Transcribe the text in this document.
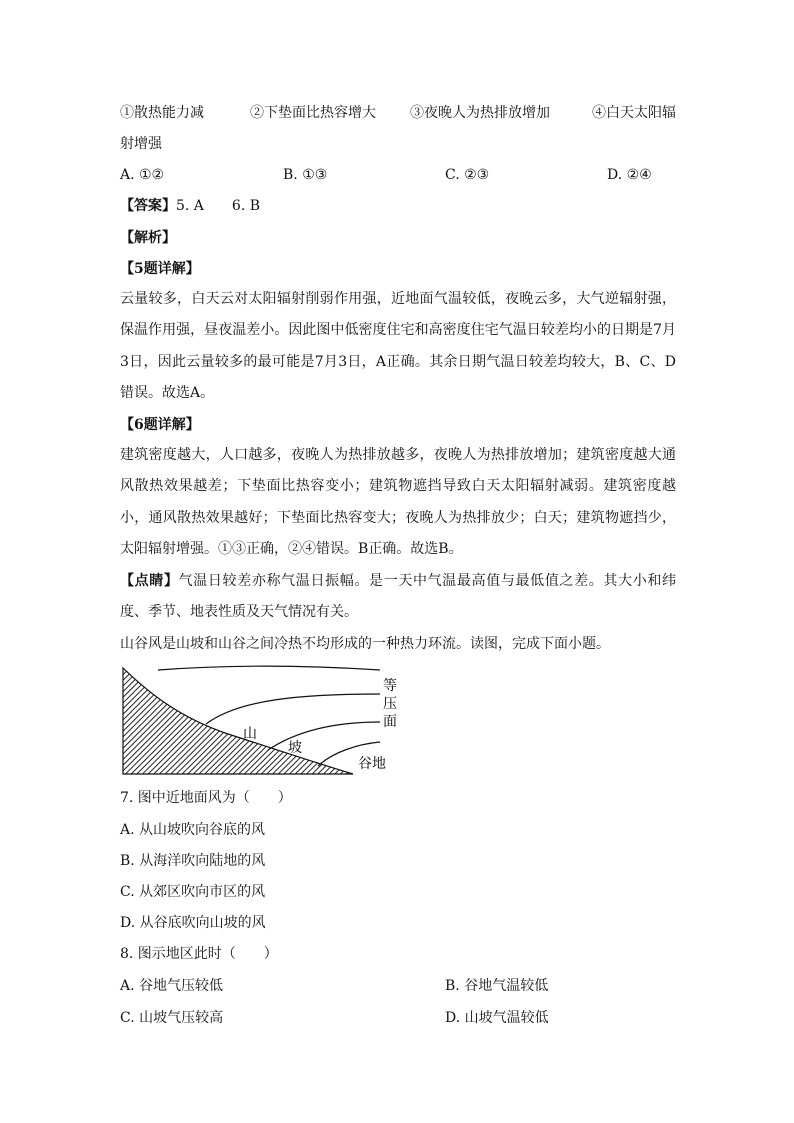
①散热能力减	②下垫面比热容增大 ③夜晚人为热排放增加	④白天太阳辐
射增强
A. ①②	B. ①③	C. ②③	D. ②④
【答案】5. A　　6. B
【解析】
【5题详解】
云量较多，白天云对太阳辐射削弱作用强，近地面气温较低，夜晚云多，大气逆辐射强，保温作用强，昼夜温差小。因此图中低密度住宅和高密度住宅气温日较差均小的日期是7月3日，因此云量较多的最可能是7月3日，A正确。其余日期气温日较差均较大，B、C、D错误。故选A。
【6题详解】
建筑密度越大，人口越多，夜晚人为热排放越多，夜晚人为热排放增加；建筑密度越大通风散热效果越差；下垫面比热容变小；建筑物遮挡导致白天太阳辐射减弱。建筑密度越小，通风散热效果越好；下垫面比热容变大；夜晚人为热排放少；白天；建筑物遮挡少，太阳辐射增强。①③正确，②④错误。B正确。故选B。
【点睛】气温日较差亦称气温日振幅。是一天中气温最高值与最低值之差。其大小和纬度、季节、地表性质及天气情况有关。
山谷风是山坡和山谷之间冷热不均形成的一种热力环流。读图，完成下面小题。
等
压
面
山
坡
谷地
7. 图中近地面风为（　　）
A. 从山坡吹向谷底的风
B. 从海洋吹向陆地的风
C. 从郊区吹向市区的风
D. 从谷底吹向山坡的风
8. 图示地区此时（　　）
A. 谷地气压较低	B. 谷地气温较低
C. 山坡气压较高	D. 山坡气温较低
